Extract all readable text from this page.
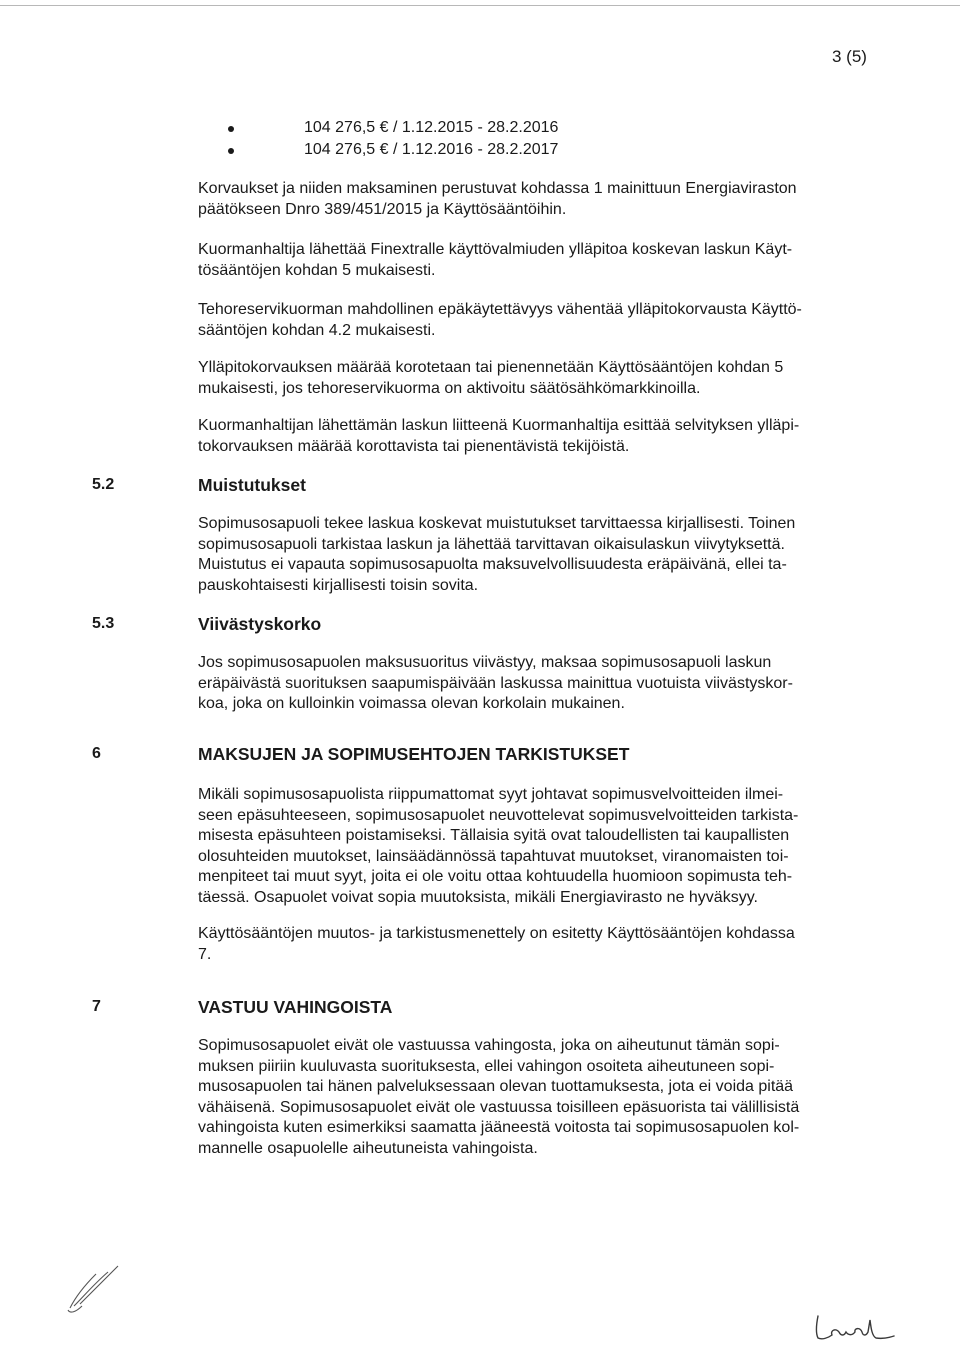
3 (5)
104 276,5 € / 1.12.2015 - 28.2.2016
104 276,5 € / 1.12.2016 - 28.2.2017

Korvaukset ja niiden maksaminen perustuvat kohdassa 1 mainittuun Energiaviraston
päätökseen Dnro 389/451/2015 ja Käyttösääntöihin.

Kuormanhaltija lähettää Finextralle käyttövalmiuden ylläpitoa koskevan laskun Käyt-
tösääntöjen kohdan 5 mukaisesti.

Tehoreservikuorman mahdollinen epäkäytettävyys vähentää ylläpitokorvausta Käyttö-
sääntöjen kohdan 4.2 mukaisesti.

Ylläpitokorvauksen määrää korotetaan tai pienennetään Käyttösääntöjen kohdan 5
mukaisesti, jos tehoreservikuorma on aktivoitu säätösähkömarkkinoilla.

Kuormanhaltijan lähettämän laskun liitteenä Kuormanhaltija esittää selvityksen ylläpi-
tokorvauksen määrää korottavista tai pienentävistä tekijöistä.

5.2	Muistutukset

Sopimusosapuoli tekee laskua koskevat muistutukset tarvittaessa kirjallisesti. Toinen
sopimusosapuoli tarkistaa laskun ja lähettää tarvittavan oikaisulaskun viivytyksettä.
Muistutus ei vapauta sopimusosapuolta maksuvelvollisuudesta eräpäivänä, ellei ta-
pauskohtaisesti kirjallisesti toisin sovita.

5.3	Viivästyskorko

Jos sopimusosapuolen maksusuoritus viivästyy, maksaa sopimusosapuoli laskun
eräpäivästä suorituksen saapumispäivään laskussa mainittua vuotuista viivästyskor-
koa, joka on kulloinkin voimassa olevan korkolain mukainen.

6	MAKSUJEN JA SOPIMUSEHTOJEN TARKISTUKSET

Mikäli sopimusosapuolista riippumattomat syyt johtavat sopimusvelvoitteiden ilmei-
seen epäsuhteeseen, sopimusosapuolet neuvottelevat sopimusvelvoitteiden tarkista-
misesta epäsuhteen poistamiseksi. Tällaisia syitä ovat taloudellisten tai kaupallisten
olosuhteiden muutokset, lainsäädännössä tapahtuvat muutokset, viranomaisten toi-
menpiteet tai muut syyt, joita ei ole voitu ottaa kohtuudella huomioon sopimusta teh-
täessä. Osapuolet voivat sopia muutoksista, mikäli Energiavirasto ne hyväksyy.

Käyttösääntöjen muutos- ja tarkistusmenettely on esitetty Käyttösääntöjen kohdassa
7.

7	VASTUU VAHINGOISTA

Sopimusosapuolet eivät ole vastuussa vahingosta, joka on aiheutunut tämän sopi-
muksen piiriin kuuluvasta suorituksesta, ellei vahingon osoiteta aiheutuneen sopi-
musosapuolen tai hänen palveluksessaan olevan tuottamuksesta, jota ei voida pitää
vähäisenä. Sopimusosapuolet eivät ole vastuussa toisilleen epäsuorista tai välillisistä
vahingoista kuten esimerkiksi saamatta jääneestä voitosta tai sopimusosapuolen kol-
mannelle osapuolelle aiheutuneista vahingoista.
